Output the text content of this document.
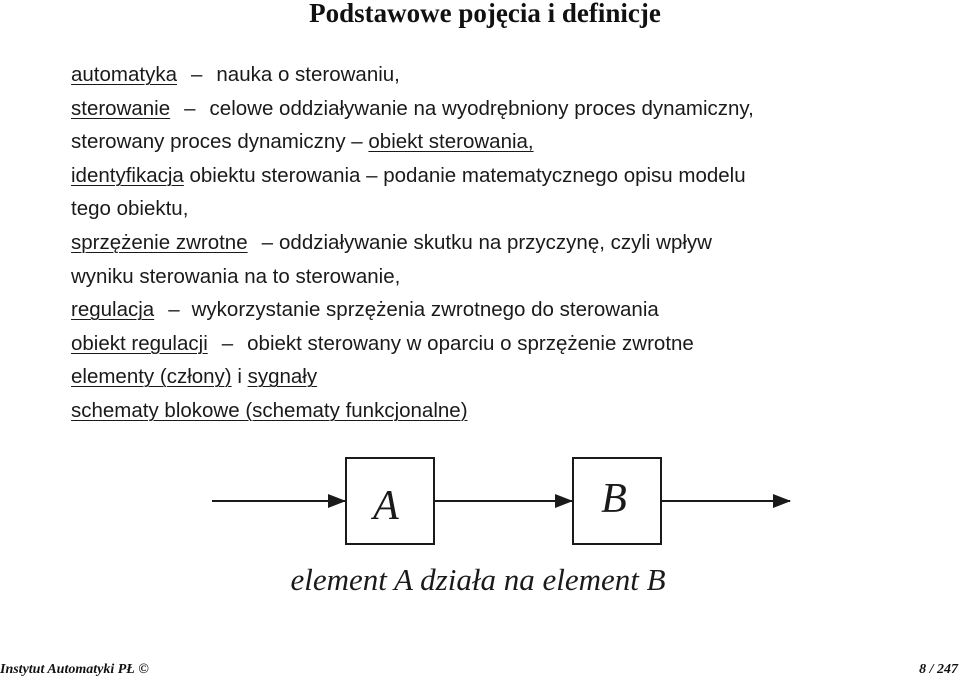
Podstawowe pojęcia i definicje
automatyka – nauka o sterowaniu,
sterowanie – celowe oddziaływanie na wyodrębniony proces dynamiczny,
sterowany proces dynamiczny – obiekt sterowania,
identyfikacja obiektu sterowania – podanie matematycznego opisu modelu
tego obiektu,
sprzężenie zwrotne – oddziaływanie skutku na przyczynę, czyli wpływ
wyniku sterowania na to sterowanie,
regulacja – wykorzystanie sprzężenia zwrotnego do sterowania
obiekt regulacji – obiekt sterowany w oparciu o sprzężenie zwrotne
elementy (człony) i sygnały
schematy blokowe (schematy funkcjonalne)
A	B
element A działa na element B
Instytut Automatyki PŁ ©	8 / 247
